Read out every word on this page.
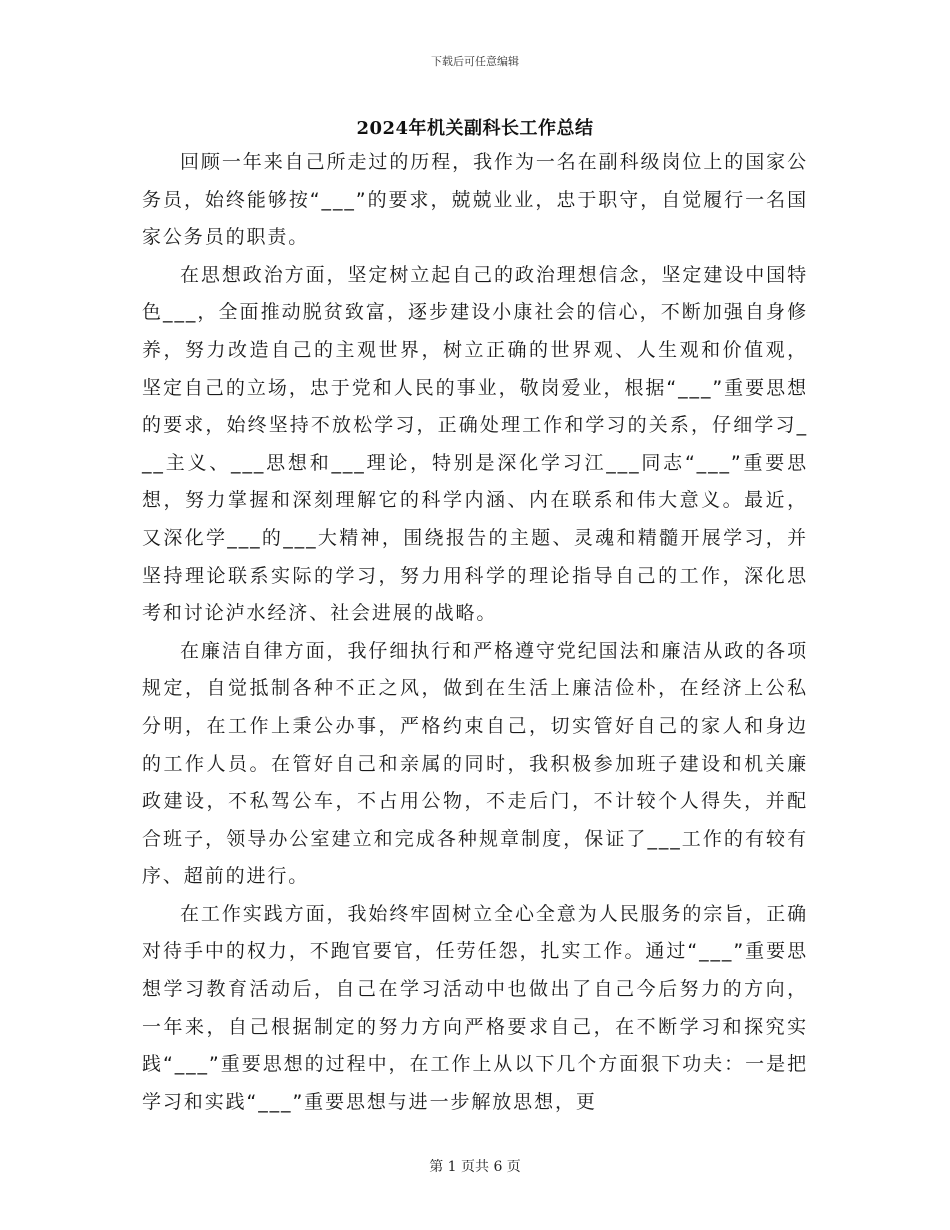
下载后可任意编辑
2024年机关副科长工作总结

回顾一年来自己所走过的历程，我作为一名在副科级岗位上的国家公务员，始终能够按“___”的要求，兢兢业业，忠于职守，自觉履行一名国家公务员的职责。

在思想政治方面，坚定树立起自己的政治理想信念，坚定建设中国特色___，全面推动脱贫致富，逐步建设小康社会的信心，不断加强自身修养，努力改造自己的主观世界，树立正确的世界观、人生观和价值观，坚定自己的立场，忠于党和人民的事业，敬岗爱业，根据“___”重要思想的要求，始终坚持不放松学习，正确处理工作和学习的关系，仔细学习___主义、___思想和___理论，特别是深化学习江___同志“___”重要思想，努力掌握和深刻理解它的科学内涵、内在联系和伟大意义。最近，又深化学___的___大精神，围绕报告的主题、灵魂和精髓开展学习，并坚持理论联系实际的学习，努力用科学的理论指导自己的工作，深化思考和讨论泸水经济、社会进展的战略。

在廉洁自律方面，我仔细执行和严格遵守党纪国法和廉洁从政的各项规定，自觉抵制各种不正之风，做到在生活上廉洁俭朴，在经济上公私分明，在工作上秉公办事，严格约束自己，切实管好自己的家人和身边的工作人员。在管好自己和亲属的同时，我积极参加班子建设和机关廉政建设，不私驾公车，不占用公物，不走后门，不计较个人得失，并配合班子，领导办公室建立和完成各种规章制度，保证了___工作的有较有序、超前的进行。

在工作实践方面，我始终牢固树立全心全意为人民服务的宗旨，正确对待手中的权力，不跑官要官，任劳任怨，扎实工作。通过“___”重要思想学习教育活动后，自己在学习活动中也做出了自己今后努力的方向，一年来，自己根据制定的努力方向严格要求自己，在不断学习和探究实践“___”重要思想的过程中，在工作上从以下几个方面狠下功夫：一是把学习和实践“___”重要思想与进一步解放思想，更

第 1 页共 6 页
